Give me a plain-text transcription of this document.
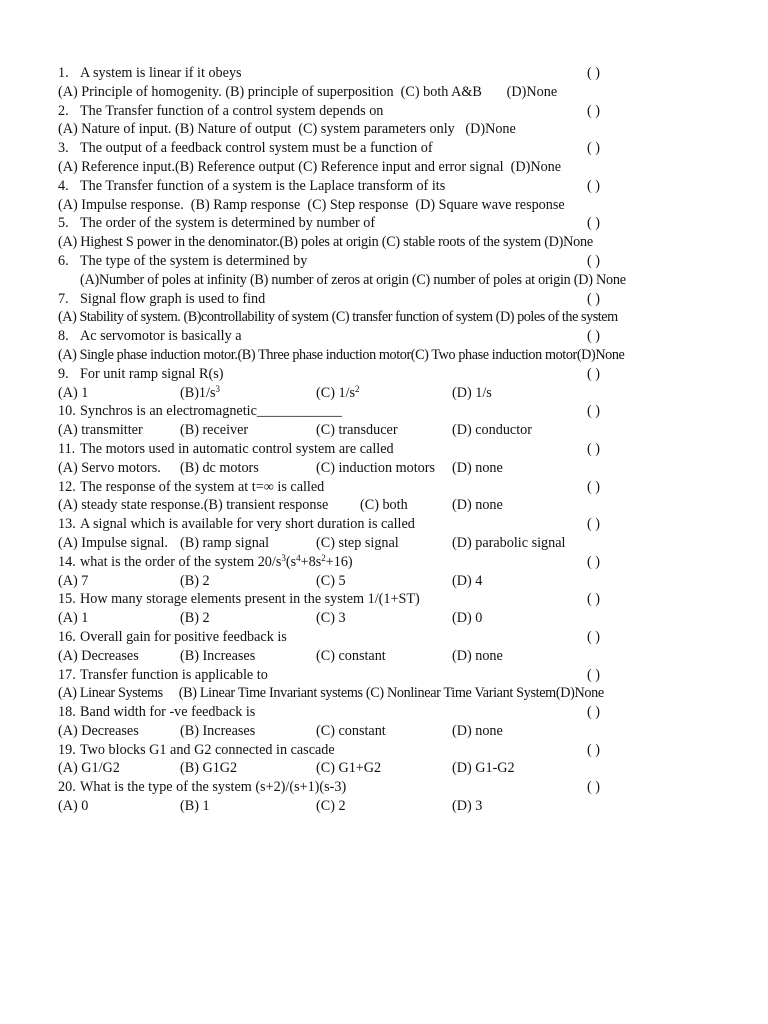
1. A system is linear if it obeys	( )
(A) Principle of homogenity. (B) principle of superposition  (C) both A&B       (D)None
2. The Transfer function of a control system depends on	( )
(A) Nature of input. (B) Nature of output  (C) system parameters only   (D)None
3. The output of a feedback control system must be a function of	( )
(A) Reference input.(B) Reference output (C) Reference input and error signal  (D)None
4. The Transfer function of a system is the Laplace transform of its	( )
(A) Impulse response.  (B) Ramp response  (C) Step response  (D) Square wave response
5. The order of the system is determined by number of	( )
(A) Highest S power in the denominator.(B) poles at origin (C) stable roots of the system (D)None
6. The type of the system is determined by	( )
(A)Number of poles at infinity (B) number of zeros at origin (C) number of poles at origin (D) None
7. Signal flow graph is used to find	( )
(A) Stability of system. (B)controllability of system (C) transfer function of system (D) poles of the system
8. Ac servomotor is basically a	( )
(A) Single phase induction motor.(B) Three phase induction motor(C) Two phase induction motor(D)None
9. For unit ramp signal R(s)	( )
(A) 1	$(B)1/s^3$	(C) $1/s^2$	(D) 1/s
10. Synchros is an electromagnetic____________	( )
(A) transmitter	(B) receiver	(C) transducer	(D) conductor
11. The motors used in automatic control system are called	( )
(A) Servo motors. (B) dc motors	(C) induction motors (D) none
12. The response of the system at t=∞ is called	( )
(A) steady state response.(B) transient response (C) both	(D) none
13. A signal which is available for very short duration is called	( )
(A) Impulse signal. (B) ramp signal	(C) step signal	(D) parabolic signal
14. what is the order of the system $20/s^3(s^4+8s^2+16)$	( )
(A) 7	(B) 2	(C) 5	(D) 4
15. How many storage elements present in the system 1/(1+ST)	( )
(A) 1	(B) 2	(C) 3	(D) 0
16. Overall gain for positive feedback is	( )
(A) Decreases	(B) Increases	(C) constant	(D) none
17. Transfer function is applicable to	( )
(A) Linear Systems     (B) Linear Time Invariant systems (C) Nonlinear Time Variant System(D)None
18. Band width for -ve feedback is	( )
(A) Decreases	(B) Increases	(C) constant	(D) none
19. Two blocks G1 and G2 connected in cascade	( )
(A) G1/G2	(B) G1G2	(C) G1+G2	(D) G1-G2
20. What is the type of the system (s+2)/(s+1)(s-3)	( )
(A) 0	(B) 1	(C) 2	(D) 3
